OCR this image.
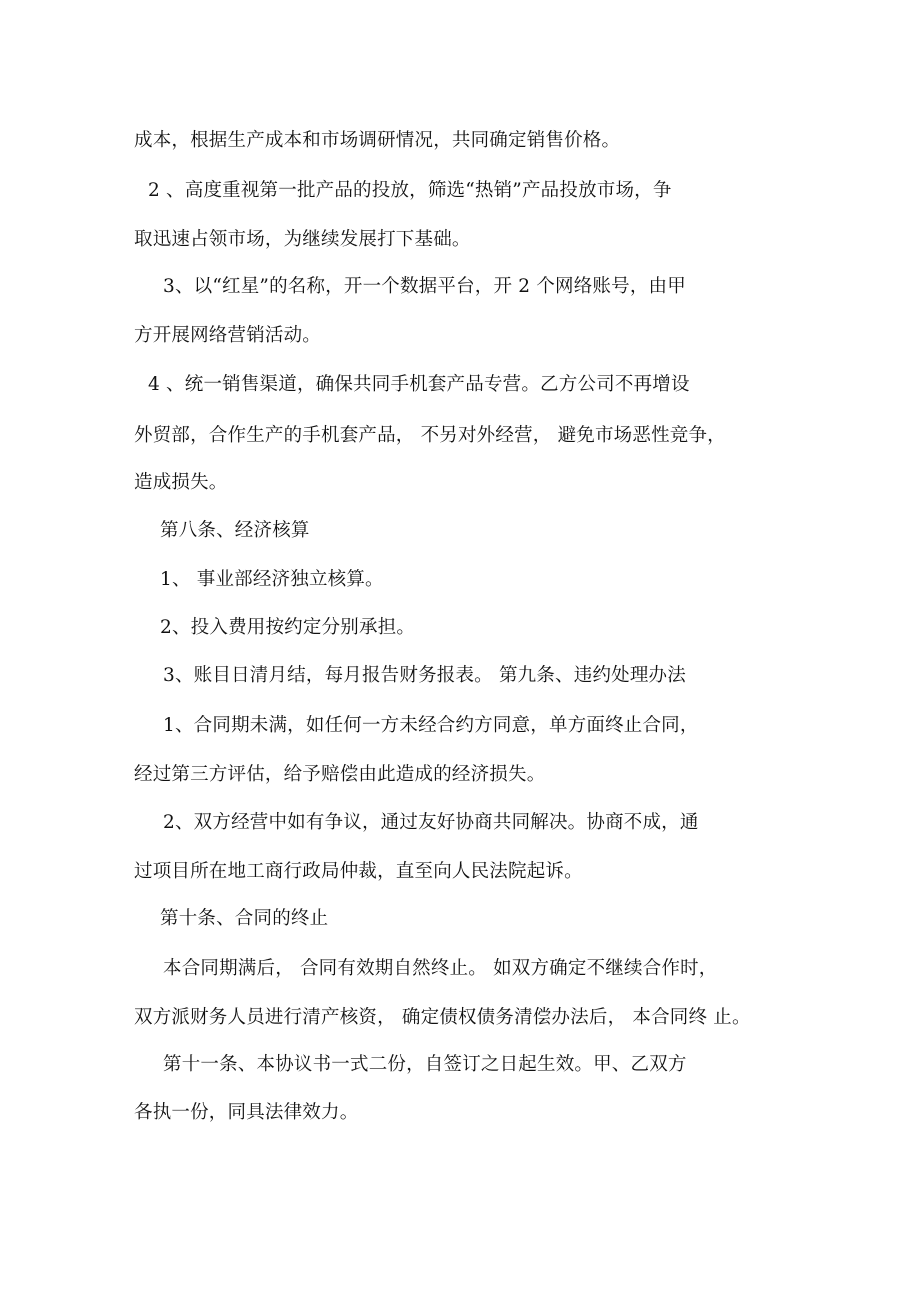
成本，根据生产成本和市场调研情况，共同确定销售价格。
2 、高度重视第一批产品的投放，筛选“热销”产品投放市场，争
取迅速占领市场，为继续发展打下基础。
3、以“红星”的名称，开一个数据平台，开 2 个网络账号，由甲
方开展网络营销活动。
4 、统一销售渠道，确保共同手机套产品专营。乙方公司不再增设
外贸部，合作生产的手机套产品， 不另对外经营， 避免市场恶性竞争，
造成损失。
第八条、经济核算
1、 事业部经济独立核算。
2、投入费用按约定分别承担。
3、账目日清月结，每月报告财务报表。 第九条、违约处理办法
1、合同期未满，如任何一方未经合约方同意，单方面终止合同，
经过第三方评估，给予赔偿由此造成的经济损失。
2、双方经营中如有争议，通过友好协商共同解决。协商不成，通
过项目所在地工商行政局仲裁，直至向人民法院起诉。
第十条、合同的终止
本合同期满后， 合同有效期自然终止。 如双方确定不继续合作时，
双方派财务人员进行清产核资， 确定债权债务清偿办法后， 本合同终 止。
第十一条、本协议书一式二份，自签订之日起生效。甲、乙双方
各执一份，同具法律效力。
